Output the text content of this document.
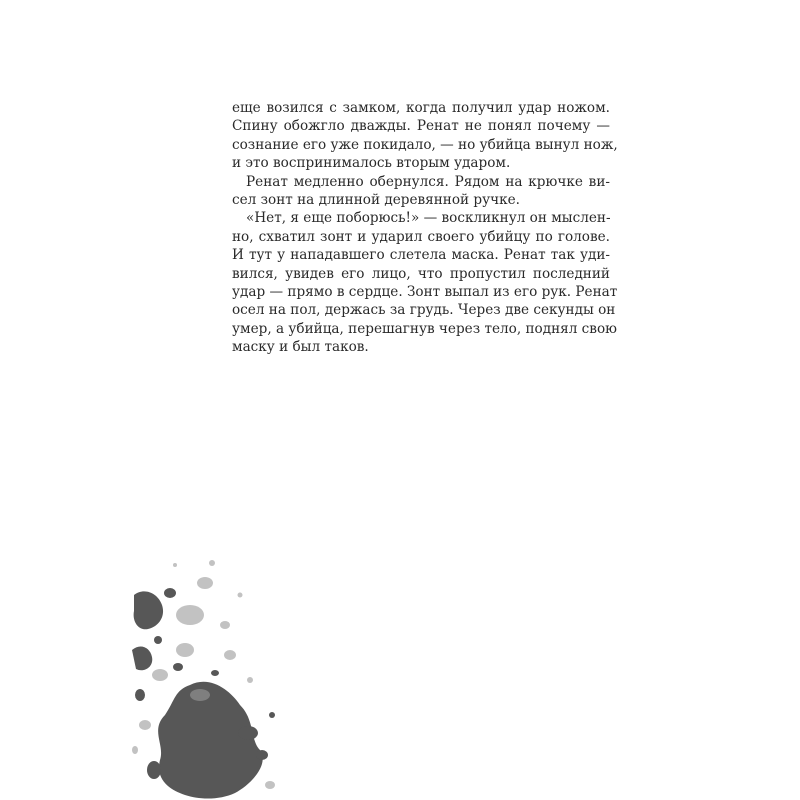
еще возился с замком, когда получил удар ножом.
Спину обожгло дважды. Ренат не понял почему —
сознание его уже покидало, — но убийца вынул нож,
и это воспринималось вторым ударом.
Ренат медленно обернулся. Рядом на крючке ви-
сел зонт на длинной деревянной ручке.
«Нет, я еще поборюсь!» — воскликнул он мыслен-
но, схватил зонт и ударил своего убийцу по голове.
И тут у нападавшего слетела маска. Ренат так уди-
вился, увидев его лицо, что пропустил последний
удар — прямо в сердце. Зонт выпал из его рук. Ренат
осел на пол, держась за грудь. Через две секунды он
умер, а убийца, перешагнув через тело, поднял свою
маску и был таков.
